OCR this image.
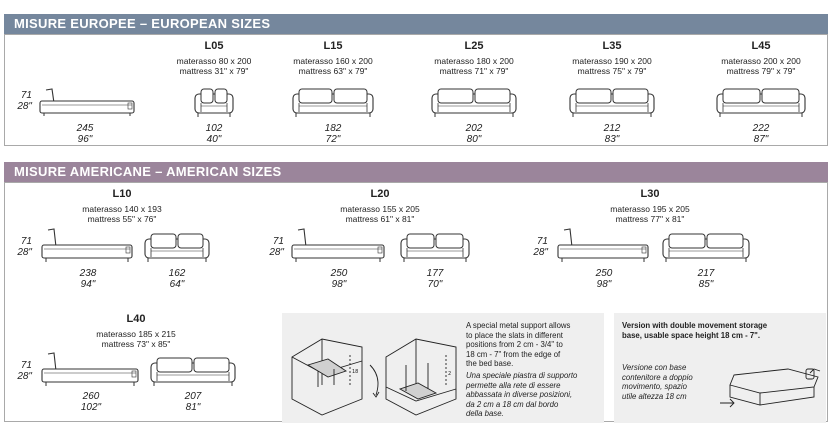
MISURE EUROPEE – EUROPEAN SIZES
MISURE AMERICANE – AMERICAN SIZES
71
28"
245
96"
L05
materasso 80 x 200
mattress 31" x 79"
102
40"
L15
materasso 160 x 200
mattress 63" x 79"
182
72"
L25
materasso 180 x 200
mattress 71" x 79"
202
80"
L35
materasso 190 x 200
mattress 75" x 79"
212
83"
L45
materasso 200 x 200
mattress 79" x 79"
222
87"
L10
materasso 140 x 193
mattress 55" x 76"
71
28"
238
94"
162
64"
L20
materasso 155 x 205
mattress 61" x 81"
71
28"
250
98"
177
70"
L30
materasso 195 x 205
mattress 77" x 81"
71
28"
250
98"
217
85"
L40
materasso 185 x 215
mattress 73" x 85"
71
28"
260
102"
207
81"
18	2
A special metal support allows
to place the slats in different
positions from 2 cm - 3/4" to
18 cm - 7" from the edge of
the bed base.
Una speciale piastra di supporto
permette alla rete di essere
abbassata in diverse posizioni,
da 2 cm a 18 cm dal bordo
della base.
Version with double movement storage
base, usable space height 18 cm - 7".
Versione con base
contenitore a doppio
movimento, spazio
utile altezza 18 cm
